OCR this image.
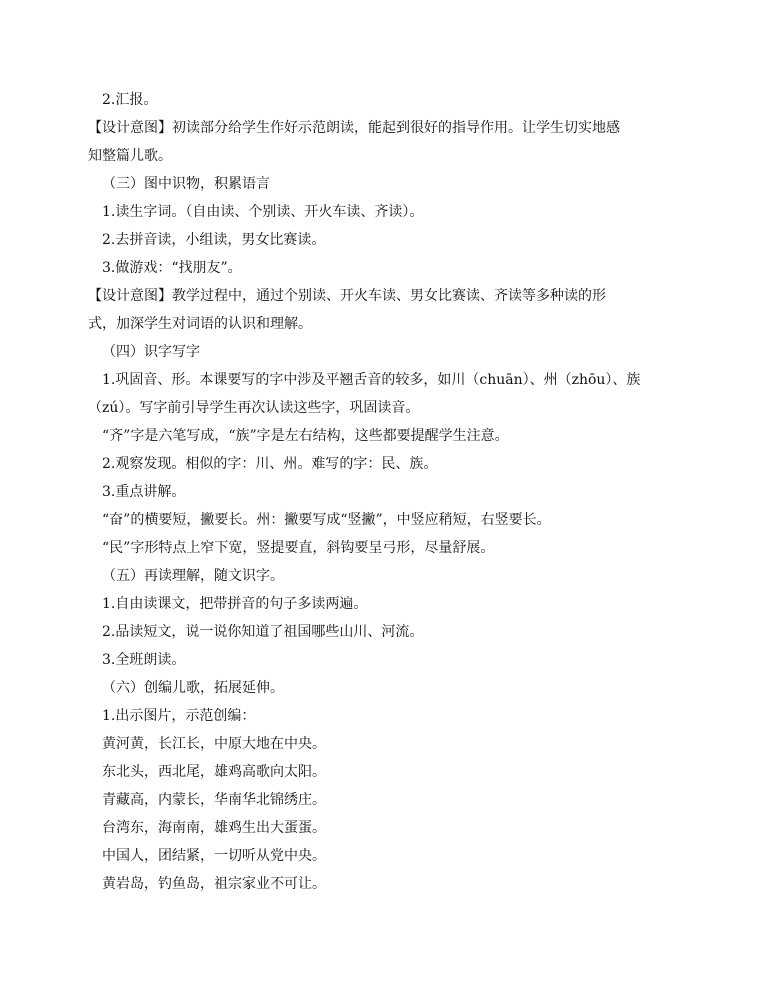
2.汇报。
【设计意图】初读部分给学生作好示范朗读，能起到很好的指导作用。让学生切实地感
知整篇儿歌。
（三）图中识物，积累语言
1.读生字词。（自由读、个别读、开火车读、齐读）。
2.去拼音读，小组读，男女比赛读。
3.做游戏：“找朋友”。
【设计意图】教学过程中，通过个别读、开火车读、男女比赛读、齐读等多种读的形
式，加深学生对词语的认识和理解。
（四）识字写字
1.巩固音、形。本课要写的字中涉及平翘舌音的较多，如川（chuān）、州（zhōu）、族
（zú）。写字前引导学生再次认读这些字，巩固读音。
“齐”字是六笔写成，“族”字是左右结构，这些都要提醒学生注意。
2.观察发现。相似的字：川、州。难写的字：民、族。
3.重点讲解。
“奋”的横要短，撇要长。州：撇要写成“竖撇”，中竖应稍短，右竖要长。
“民”字形特点上窄下宽，竖提要直，斜钩要呈弓形，尽量舒展。
（五）再读理解，随文识字。
1.自由读课文，把带拼音的句子多读两遍。
2.品读短文，说一说你知道了祖国哪些山川、河流。
3.全班朗读。
（六）创编儿歌，拓展延伸。
1.出示图片，示范创编：
黄河黄，长江长，中原大地在中央。
东北头，西北尾，雄鸡高歌向太阳。
青藏高，内蒙长，华南华北锦绣庄。
台湾东，海南南，雄鸡生出大蛋蛋。
中国人，团结紧，一切听从党中央。
黄岩岛，钓鱼岛，祖宗家业不可让。
